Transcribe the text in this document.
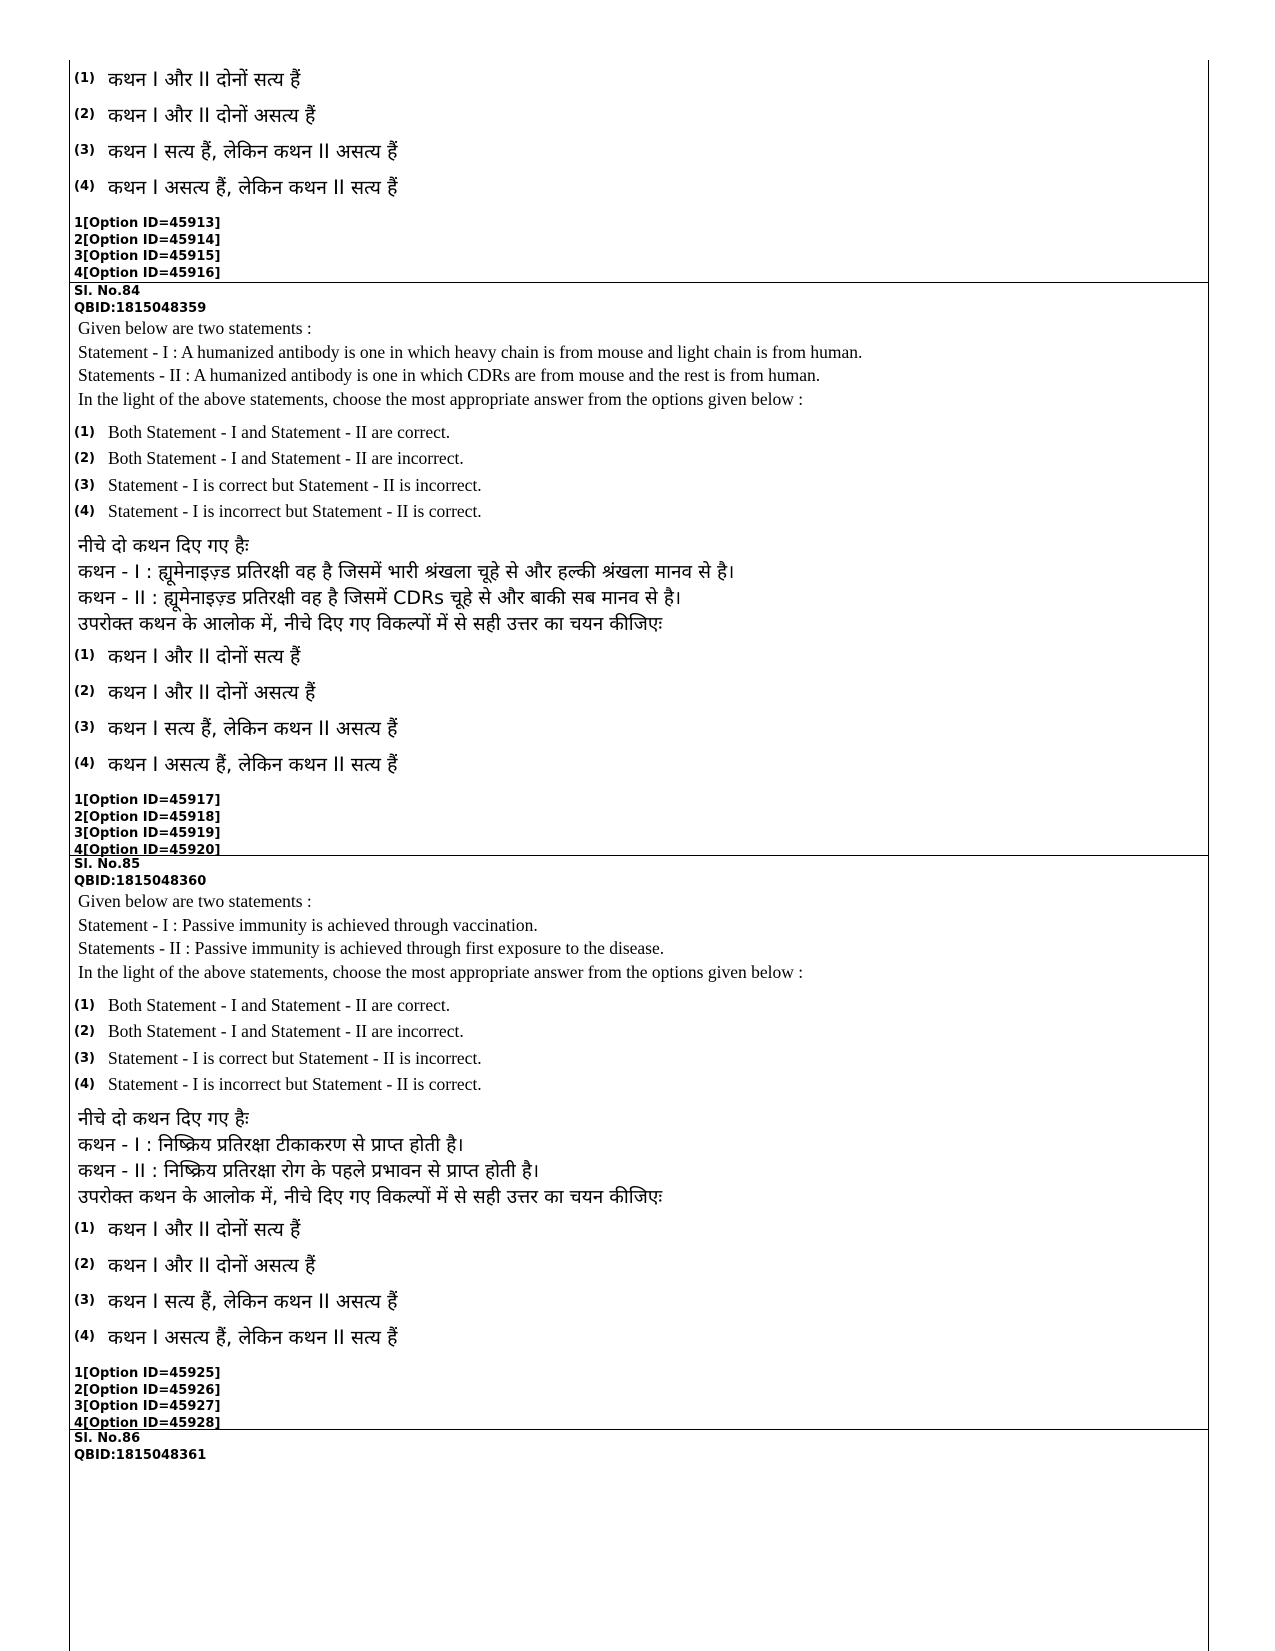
(1) कथन I और II दोनों सत्य हैं
(2) कथन I और II दोनों असत्य हैं
(3) कथन I सत्य हैं, लेकिन कथन II असत्य हैं
(4) कथन I असत्य हैं, लेकिन कथन II सत्य हैं
1[Option ID=45913]
2[Option ID=45914]
3[Option ID=45915]
4[Option ID=45916]
Sl. No.84
QBID:1815048359
Given below are two statements :
Statement - I : A humanized antibody is one in which heavy chain is from mouse and light chain is from human.
Statements - II : A humanized antibody is one in which CDRs are from mouse and the rest is from human.
In the light of the above statements, choose the most appropriate answer from the options given below :
(1) Both Statement - I and Statement - II are correct.
(2) Both Statement - I and Statement - II are incorrect.
(3) Statement - I is correct but Statement - II is incorrect.
(4) Statement - I is incorrect but Statement - II is correct.
नीचे दो कथन दिए गए हैः
कथन - I : ह्यूमेनाइज़्ड प्रतिरक्षी वह है जिसमें भारी श्रंखला चूहे से और हल्की श्रंखला मानव से है।
कथन - II : ह्यूमेनाइज़्ड प्रतिरक्षी वह है जिसमें CDRs चूहे से और बाकी सब मानव से है।
उपरोक्त कथन के आलोक में, नीचे दिए गए विकल्पों में से सही उत्तर का चयन कीजिएः
(1) कथन I और II दोनों सत्य हैं
(2) कथन I और II दोनों असत्य हैं
(3) कथन I सत्य हैं, लेकिन कथन II असत्य हैं
(4) कथन I असत्य हैं, लेकिन कथन II सत्य हैं
1[Option ID=45917]
2[Option ID=45918]
3[Option ID=45919]
4[Option ID=45920]
Sl. No.85
QBID:1815048360
Given below are two statements :
Statement - I : Passive immunity is achieved through vaccination.
Statements - II : Passive immunity is achieved through first exposure to the disease.
In the light of the above statements, choose the most appropriate answer from the options given below :
(1) Both Statement - I and Statement - II are correct.
(2) Both Statement - I and Statement - II are incorrect.
(3) Statement - I is correct but Statement - II is incorrect.
(4) Statement - I is incorrect but Statement - II is correct.
नीचे दो कथन दिए गए हैः
कथन - I : निष्क्रिय प्रतिरक्षा टीकाकरण से प्राप्त होती है।
कथन - II : निष्क्रिय प्रतिरक्षा रोग के पहले प्रभावन से प्राप्त होती है।
उपरोक्त कथन के आलोक में, नीचे दिए गए विकल्पों में से सही उत्तर का चयन कीजिएः
(1) कथन I और II दोनों सत्य हैं
(2) कथन I और II दोनों असत्य हैं
(3) कथन I सत्य हैं, लेकिन कथन II असत्य हैं
(4) कथन I असत्य हैं, लेकिन कथन II सत्य हैं
1[Option ID=45925]
2[Option ID=45926]
3[Option ID=45927]
4[Option ID=45928]
Sl. No.86
QBID:1815048361
